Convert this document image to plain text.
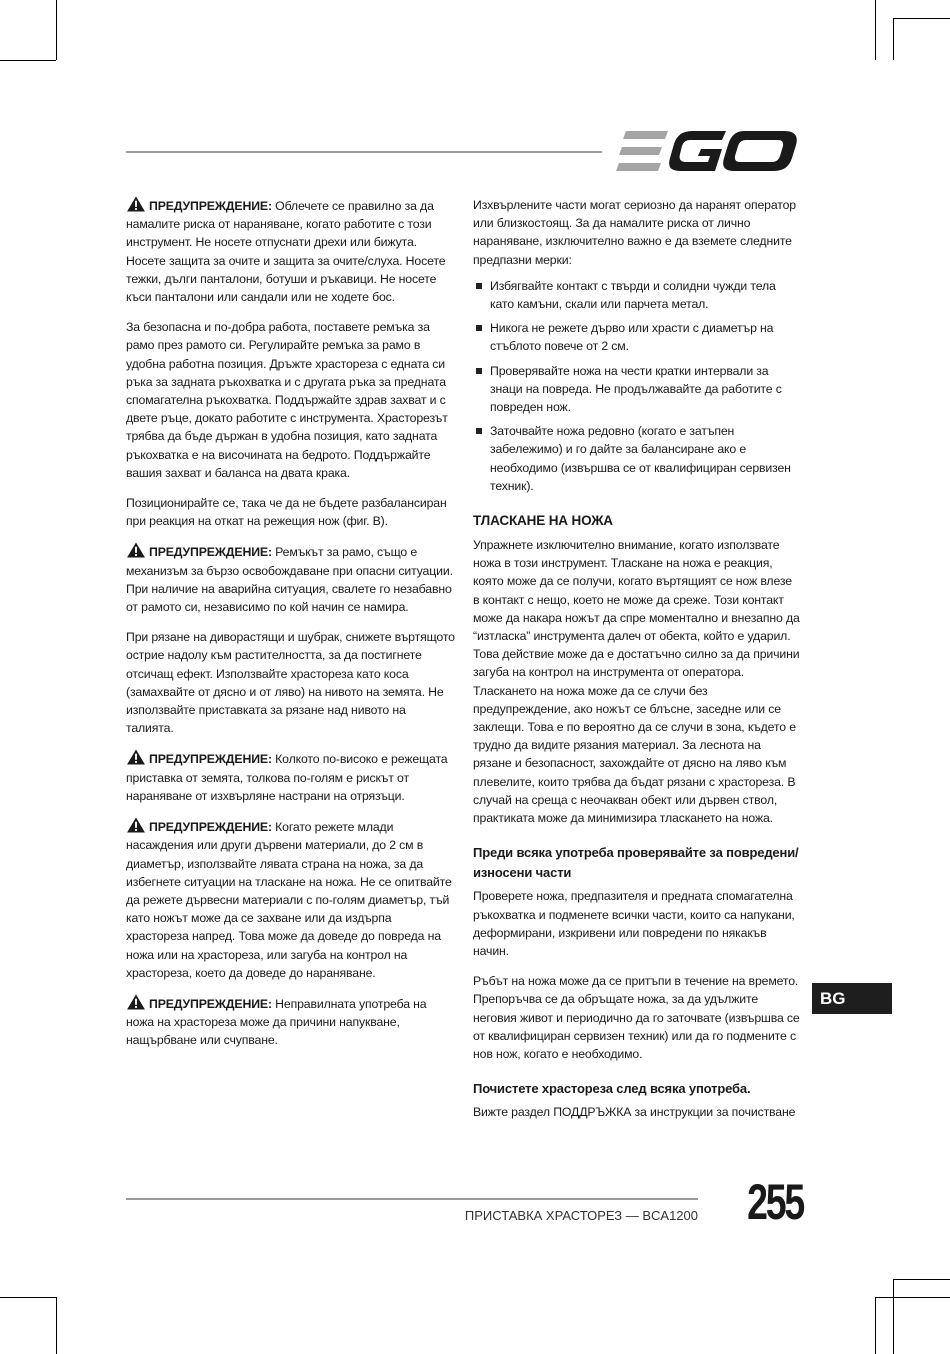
ПРЕДУПРЕЖДЕНИЕ: Облечете се правилно за да намалите риска от нараняване, когато работите с този инструмент. Не носете отпуснати дрехи или бижута. Носете защита за очите и защита за очите/слуха. Носете тежки, дълги панталони, ботуши и ръкавици. Не носете къси панталони или сандали или не ходете бос.

За безопасна и по-добра работа, поставете ремъка за рамо през рамото си. Регулирайте ремъка за рамо в удобна работна позиция. Дръжте храстореза с едната си ръка за задната ръкохватка и с другата ръка за предната спомагателна ръкохватка. Поддържайте здрав захват и с двете ръце, докато работите с инструмента. Храсторезът трябва да бъде държан в удобна позиция, като задната ръкохватка е на височината на бедрото. Поддържайте вашия захват и баланса на двата крака.

Позиционирайте се, така че да не бъдете разбалансиран при реакция на откат на режещия нож (фиг. B).

ПРЕДУПРЕЖДЕНИЕ: Ремъкът за рамо, също е механизъм за бързо освобождаване при опасни ситуации. При наличие на аварийна ситуация, свалете го незабавно от рамото си, независимо по кой начин се намира.

При рязане на диворастящи и шубрак, снижете въртящото острие надолу към растителността, за да постигнете отсичащ ефект. Използвайте храстореза като коса (замахвайте от дясно и от ляво) на нивото на земята. Не използвайте приставката за рязане над нивото на талията.

ПРЕДУПРЕЖДЕНИЕ: Колкото по-високо е режещата приставка от земята, толкова по-голям е рискът от нараняване от изхвърляне настрани на отрязъци.

ПРЕДУПРЕЖДЕНИЕ: Когато режете млади насаждения или други дървени материали, до 2 см в диаметър, използвайте лявата страна на ножа, за да избегнете ситуации на тласкане на ножа. Не се опитвайте да режете дървесни материали с по-голям диаметър, тъй като ножът може да се захване или да издърпа храстореза напред. Това може да доведе до повреда на ножа или на храстореза, или загуба на контрол на храстореза, което да доведе до нараняване.

ПРЕДУПРЕЖДЕНИЕ: Неправилната употреба на ножа на храстореза може да причини напукване, нащърбване или счупване.

Изхвърлените части могат сериозно да наранят оператор или близкостоящ. За да намалите риска от лично нараняване, изключително важно е да вземете следните предпазни мерки:

Избягвайте контакт с твърди и солидни чужди тела като камъни, скали или парчета метал.
Никога не режете дърво или храсти с диаметър на стъблото повече от 2 см.
Проверявайте ножа на чести кратки интервали за знаци на повреда. Не продължавайте да работите с повреден нож.
Заточвайте ножа редовно (когато е затъпен забележимо) и го дайте за балансиране ако е необходимо (извършва се от квалифициран сервизен техник).
ТЛАСКАНЕ НА НОЖА

Упражнете изключително внимание, когато използвате ножа в този инструмент. Тласкане на ножа е реакция, която може да се получи, когато въртящият се нож влезе в контакт с нещо, което не може да среже. Този контакт може да накара ножът да спре моментално и внезапно да “изтласка” инструмента далеч от обекта, който е ударил. Това действие може да е достатъчно силно за да причини загуба на контрол на инструмента от оператора. Тласкането на ножа може да се случи без предупреждение, ако ножът се блъсне, заседне или се заклещи. Това е по вероятно да се случи в зона, където е трудно да видите рязания материал. За леснота на рязане и безопасност, захождайте от дясно на ляво към плевелите, които трябва да бъдат рязани с храстореза. В случай на среща с неочакван обект или дървен ствол, практиката може да минимизира тласкането на ножа.

Преди всяка употреба проверявайте за повредени/износени части

Проверете ножа, предпазителя и предната спомагателна ръкохватка и подменете всички части, които са напукани, деформирани, изкривени или повредени по някакъв начин.

Ръбът на ножа може да се притъпи в течение на времето. Препоръчва се да обръщате ножа, за да удължите неговия живот и периодично да го заточвате (извършва се от квалифициран сервизен техник) или да го подмените с нов нож, когато е необходимо.

Почистете храстореза след всяка употреба.

Вижте раздел ПОДДРЪЖКА за инструкции за почистване

BG
ПРИСТАВКА ХРАСТОРЕЗ — BCA1200 255
